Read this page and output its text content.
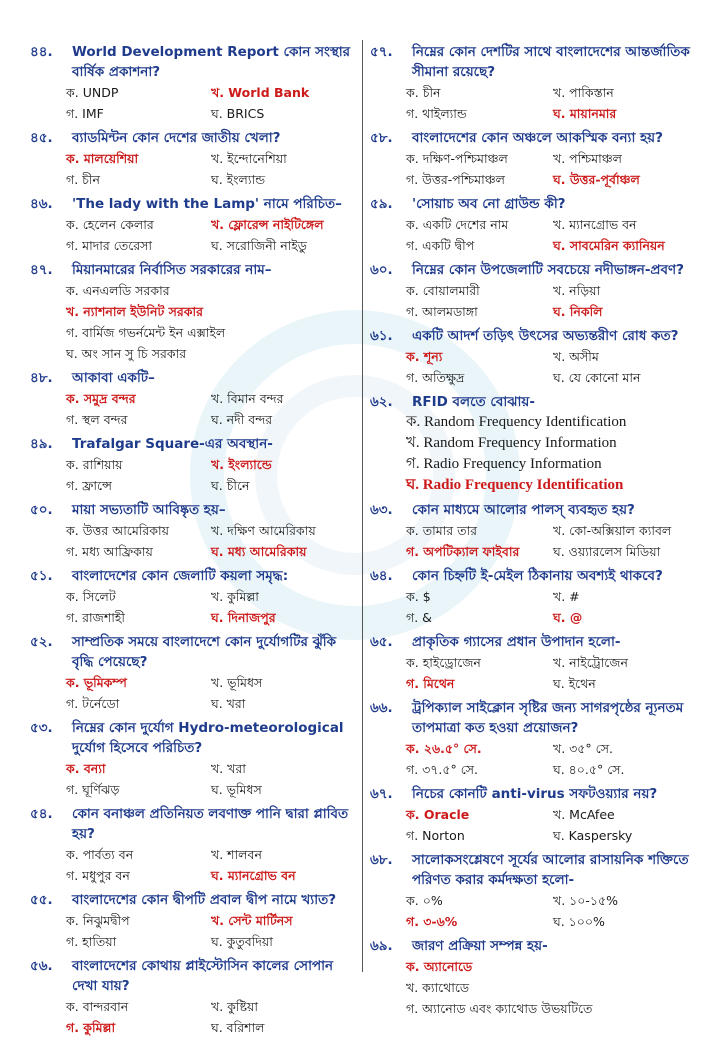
৪৪.	World Development Report কোন সংস্থার বার্ষিক প্রকাশনা?
ক. UNDP	খ. World Bank
গ. IMF	ঘ. BRICS
৪৫.	ব্যাডমিন্টন কোন দেশের জাতীয় খেলা?
ক. মালয়েশিয়া	খ. ইন্দোনেশিয়া
গ. চীন	ঘ. ইংল্যান্ড
৪৬.	'The lady with the Lamp' নামে পরিচিত–
ক. হেলেন কেলার	খ. ফ্লোরেন্স নাইটিঙ্গেল
গ. মাদার তেরেসা	ঘ. সরোজিনী নাইডু
৪৭.	মিয়ানমারের নির্বাসিত সরকারের নাম–
ক. এনএলডি সরকার
খ. ন্যাশনাল ইউনিট সরকার
গ. বার্মিজ গভর্নমেন্ট ইন এক্সাইল
ঘ. অং সান সু চি সরকার
৪৮.	আকাবা একটি–
ক. সমুদ্র বন্দর	খ. বিমান বন্দর
গ. স্থল বন্দর	ঘ. নদী বন্দর
৪৯.	Trafalgar Square-এর অবস্থান-
ক. রাশিয়ায়	খ. ইংল্যান্ডে
গ. ফ্রান্সে	ঘ. চীনে
৫০.	মায়া সভ্যতাটি আবিষ্কৃত হয়–
ক. উত্তর আমেরিকায়	খ. দক্ষিণ আমেরিকায়
গ. মধ্য আফ্রিকায়	ঘ. মধ্য আমেরিকায়
৫১.	বাংলাদেশের কোন জেলাটি কয়লা সমৃদ্ধ:
ক. সিলেট	খ. কুমিল্লা
গ. রাজশাহী	ঘ. দিনাজপুর
৫২.	সাম্প্রতিক সময়ে বাংলাদেশে কোন দুর্যোগটির ঝুঁকি বৃদ্ধি পেয়েছে?
ক. ভূমিকম্প	খ. ভূমিধস
গ. টর্নেডো	ঘ. খরা
৫৩.	নিম্নের কোন দুর্যোগ Hydro-meteorological দুর্যোগ হিসেবে পরিচিত?
ক. বন্যা	খ. খরা
গ. ঘূর্ণিঝড়	ঘ. ভূমিধস
৫৪.	কোন বনাঞ্চল প্রতিনিয়ত লবণাক্ত পানি দ্বারা প্লাবিত হয়?
ক. পার্বত্য বন	খ. শালবন
গ. মধুপুর বন	ঘ. ম্যানগ্রোভ বন
৫৫.	বাংলাদেশের কোন দ্বীপটি প্রবাল দ্বীপ নামে খ্যাত?
ক. নিঝুমদ্বীপ	খ. সেন্ট মার্টিনস
গ. হাতিয়া	ঘ. কুতুবদিয়া
৫৬.	বাংলাদেশের কোথায় প্লাইস্টোসিন কালের সোপান দেখা যায়?
ক. বান্দরবান	খ. কুষ্টিয়া
গ. কুমিল্লা	ঘ. বরিশাল
৫৭.	নিম্নের কোন দেশটির সাথে বাংলাদেশের আন্তর্জাতিক সীমানা রয়েছে?
ক. চীন	খ. পাকিস্তান
গ. থাইল্যান্ড	ঘ. মায়ানমার
৫৮.	বাংলাদেশের কোন অঞ্চলে আকস্মিক বন্যা হয়?
ক. দক্ষিণ-পশ্চিমাঞ্চল	খ. পশ্চিমাঞ্চল
গ. উত্তর-পশ্চিমাঞ্চল	ঘ. উত্তর-পূর্বাঞ্চল
৫৯.	'সোয়াচ অব নো গ্রাউন্ড কী?
ক. একটি দেশের নাম	খ. ম্যানগ্রোভ বন
গ. একটি দ্বীপ	ঘ. সাবমেরিন ক্যানিয়ন
৬০.	নিম্নের কোন উপজেলাটি সবচেয়ে নদীভাঙ্গন-প্রবণ?
ক. বোয়ালমারী	খ. নড়িয়া
গ. আলমডাঙ্গা	ঘ. নিকলি
৬১.	একটি আদর্শ তড়িৎ উৎসের অভ্যন্তরীণ রোধ কত?
ক. শূন্য	খ. অসীম
গ. অতিক্ষুদ্র	ঘ. যে কোনো মান
৬২.	RFID বলতে বোঝায়-
ক. Random Frequency Identification
খ. Random Frequency Information
গ. Radio Frequency Information
ঘ. Radio Frequency Identification
৬৩.	কোন মাধ্যমে আলোর পালস্ ব্যবহৃত হয়?
ক. তামার তার	খ. কো-অক্সিয়াল ক্যাবল
গ. অপটিক্যাল ফাইবার	ঘ. ওয়্যারলেস মিডিয়া
৬৪.	কোন চিহ্নটি ই-মেইল ঠিকানায় অবশ্যই থাকবে?
ক. $	খ. #
গ. &	ঘ. @
৬৫.	প্রাকৃতিক গ্যাসের প্রধান উপাদান হলো-
ক. হাইড্রোজেন	খ. নাইট্রোজেন
গ. মিথেন	ঘ. ইথেন
৬৬.	ট্রপিক্যাল সাইক্লোন সৃষ্টির জন্য সাগরপৃষ্ঠের ন্যূনতম তাপমাত্রা কত হওয়া প্রয়োজন?
ক. ২৬.৫° সে.	খ. ৩৫° সে.
গ. ৩৭.৫° সে.	ঘ. ৪০.৫° সে.
৬৭.	নিচের কোনটি anti-virus সফটওয়্যার নয়?
ক. Oracle	খ. McAfee
গ. Norton	ঘ. Kaspersky
৬৮.	সালোকসংশ্লেষণে সূর্যের আলোর রাসায়নিক শক্তিতে পরিণত করার কর্মদক্ষতা হলো-
ক. ০%	খ. ১০-১৫%
গ. ৩-৬%	ঘ. ১০০%
৬৯.	জারণ প্রক্রিয়া সম্পন্ন হয়-
ক. অ্যানোডে
খ. ক্যাথোডে
গ. অ্যানোড এবং ক্যাথোড উভয়টিতে
